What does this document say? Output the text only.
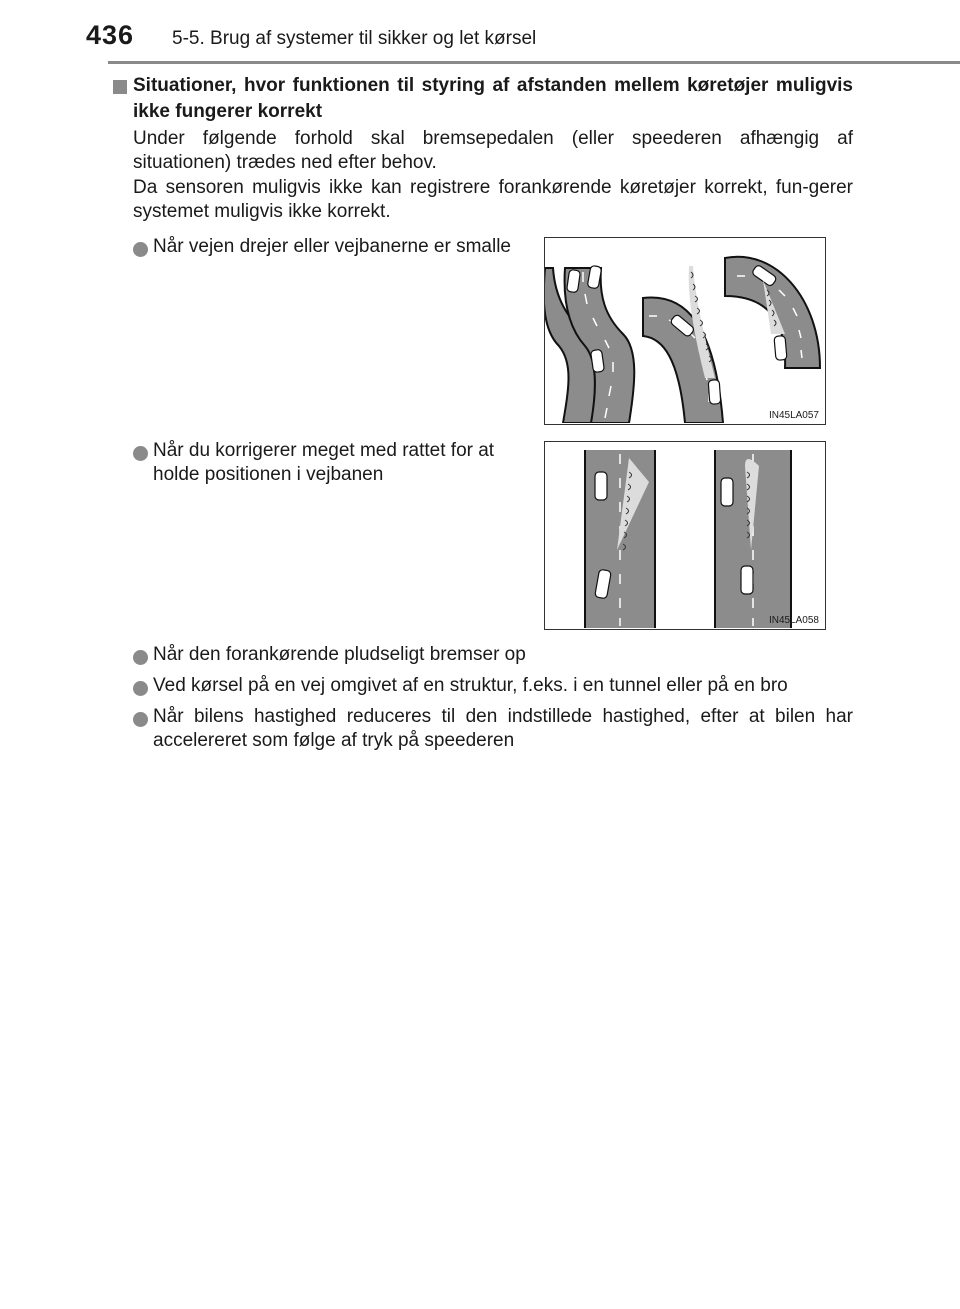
436 5-5. Brug af systemer til sikker og let kørsel
Situationer, hvor funktionen til styring af afstanden mellem køretøjer muligvis ikke fungerer korrekt
Under følgende forhold skal bremsepedalen (eller speederen afhængig af situationen) trædes ned efter behov.
Da sensoren muligvis ikke kan registrere forankørende køretøjer korrekt, fun-gerer systemet muligvis ikke korrekt.
Når vejen drejer eller vejbanerne er smalle
IN45LA057
Når du korrigerer meget med rattet for at holde positionen i vejbanen
IN45LA058
Når den forankørende pludseligt bremser op
Ved kørsel på en vej omgivet af en struktur, f.eks. i en tunnel eller på en bro
Når bilens hastighed reduceres til den indstillede hastighed, efter at bilen har accelereret som følge af tryk på speederen
